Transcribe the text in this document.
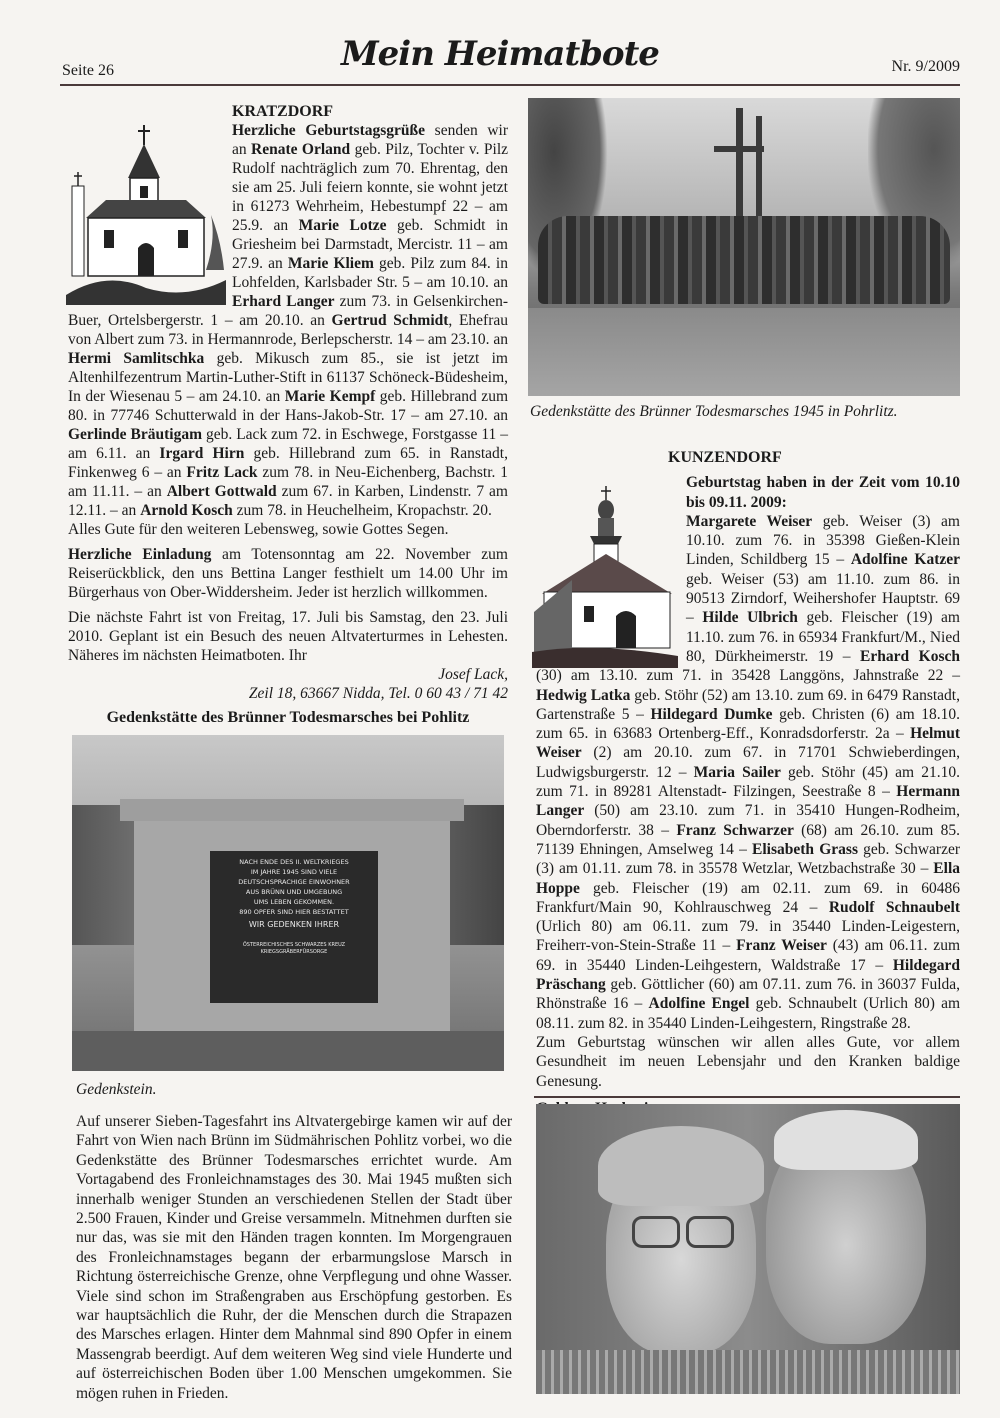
Seite 26	Mein Heimatbote	Nr. 9/2009

KRATZDORF

Herzliche Geburtstagsgrüße senden wir an Renate Orland geb. Pilz, Tochter v. Pilz Rudolf nachträglich zum 70. Ehrentag, den sie am 25. Juli feiern konnte, sie wohnt jetzt in 61273 Wehrheim, Hebestumpf 22 – am 25.9. an Marie Lotze geb. Schmidt in Griesheim bei Darmstadt, Mercistr. 11 – am 27.9. an Marie Kliem geb. Pilz zum 84. in Lohfelden, Karlsbader Str. 5 – am 10.10. an Erhard Langer zum 73. in Gelsenkirchen-Buer, Ortelsbergerstr. 1 – am 20.10. an Gertrud Schmidt, Ehefrau von Albert zum 73. in Hermannrode, Berlepscherstr. 14 – am 23.10. an Hermi Samlitschka geb. Mikusch zum 85., sie ist jetzt im Altenhilfezentrum Martin-Luther-Stift in 61137 Schöneck-Büdesheim, In der Wiesenau 5 – am 24.10. an Marie Kempf geb. Hillebrand zum 80. in 77746 Schutterwald in der Hans-Jakob-Str. 17 – am 27.10. an Gerlinde Bräutigam geb. Lack zum 72. in Eschwege, Forstgasse 11 – am 6.11. an Irgard Hirn geb. Hillebrand zum 65. in Ranstadt, Finkenweg 6 – an Fritz Lack zum 78. in Neu-Eichenberg, Bachstr. 1 am 11.11. – an Albert Gottwald zum 67. in Karben, Lindenstr. 7 am 12.11. – an Arnold Kosch zum 78. in Heuchelheim, Kropachstr. 20.

Alles Gute für den weiteren Lebensweg, sowie Gottes Segen.

Herzliche Einladung am Totensonntag am 22. November zum Reiserückblick, den uns Bettina Langer festhielt um 14.00 Uhr im Bürgerhaus von Ober-Widdersheim. Jeder ist herzlich willkommen.

Die nächste Fahrt ist von Freitag, 17. Juli bis Samstag, den 23. Juli 2010. Geplant ist ein Besuch des neuen Altvaterturmes in Lehesten. Näheres im nächsten Heimatboten. Ihr

Josef Lack,

Zeil 18, 63667 Nidda, Tel. 0 60 43 / 71 42

Gedenkstätte des Brünner Todesmarsches bei Pohlitz

NACH ENDE DES II. WELTKRIEGES
IM JAHRE 1945 SIND VIELE
DEUTSCHSPRACHIGE EINWOHNER
AUS BRÜNN UND UMGEBUNG
UMS LEBEN GEKOMMEN.
890 OPFER SIND HIER BESTATTET
WIR GEDENKEN IHRER
ÖSTERREICHISCHES SCHWARZES KREUZ
KRIEGSGRÄBERFÜRSORGE

Gedenkstein.

Auf unserer Sieben-Tagesfahrt ins Altvatergebirge kamen wir auf der Fahrt von Wien nach Brünn im Südmährischen Pohlitz vorbei, wo die Gedenkstätte des Brünner Todesmarsches errichtet wurde. Am Vortagabend des Fronleichnamstages des 30. Mai 1945 mußten sich innerhalb weniger Stunden an verschiedenen Stellen der Stadt über 2.500 Frauen, Kinder und Greise versammeln. Mitnehmen durften sie nur das, was sie mit den Händen tragen konnten. Im Morgengrauen des Fronleichnamstages begann der erbarmungslose Marsch in Richtung österreichische Grenze, ohne Verpflegung und ohne Wasser. Viele sind schon im Straßengraben aus Erschöpfung gestorben. Es war hauptsächlich die Ruhr, der die Menschen durch die Strapazen des Marsches erlagen. Hinter dem Mahnmal sind 890 Opfer in einem Massengrab beerdigt. Auf dem weiteren Weg sind viele Hunderte und auf österreichischen Boden über 1.00 Menschen umgekommen. Sie mögen ruhen in Frieden.

Gedenkstätte des Brünner Todesmarsches 1945 in Pohrlitz.

KUNZENDORF

Geburtstag haben in der Zeit vom 10.10 bis 09.11. 2009:
Margarete Weiser geb. Weiser (3) am 10.10. zum 76. in 35398 Gießen-Klein Linden, Schildberg 15 – Adolfine Katzer geb. Weiser (53) am 11.10. zum 86. in 90513 Zirndorf, Weihershofer Hauptstr. 69 – Hilde Ulbrich geb. Fleischer (19) am 11.10. zum 76. in 65934 Frankfurt/M., Nied 80, Dürkheimerstr. 19 – Erhard Kosch (30) am 13.10. zum 71. in 35428 Langgöns, Jahnstraße 22 – Hedwig Latka geb. Stöhr (52) am 13.10. zum 69. in 6479 Ranstadt, Gartenstraße 5 – Hildegard Dumke geb. Christen (6) am 18.10. zum 65. in 63683 Ortenberg-Eff., Konradsdorferstr. 2a – Helmut Weiser (2) am 20.10. zum 67. in 71701 Schwieberdingen, Ludwigsburgerstr. 12 – Maria Sailer geb. Stöhr (45) am 21.10. zum 71. in 89281 Altenstadt- Filzingen, Seestraße 8 – Hermann Langer (50) am 23.10. zum 71. in 35410 Hungen-Rodheim, Oberndorferstr. 38 – Franz Schwarzer (68) am 26.10. zum 85. 71139 Ehningen, Amselweg 14 – Elisabeth Grass geb. Schwarzer (3) am 01.11. zum 78. in 35578 Wetzlar, Wetzbachstraße 30 – Ella Hoppe geb. Fleischer (19) am 02.11. zum 69. in 60486 Frankfurt/Main 90, Kohlrauschweg 24 – Rudolf Schnaubelt (Urlich 80) am 06.11. zum 79. in 35440 Linden-Leigestern, Freiherr-von-Stein-Straße 11 – Franz Weiser (43) am 06.11. zum 69. in 35440 Linden-Leihgestern, Waldstraße 17 – Hildegard Präschang geb. Göttlicher (60) am 07.11. zum 76. in 36037 Fulda, Rhönstraße 16 – Adolfine Engel geb. Schnaubelt (Urlich 80) am 08.11. zum 82. in 35440 Linden-Leihgestern, Ringstraße 28.

Zum Geburtstag wünschen wir allen alles Gute, vor allem Gesundheit im neuen Lebensjahr und den Kranken baldige Genesung.
